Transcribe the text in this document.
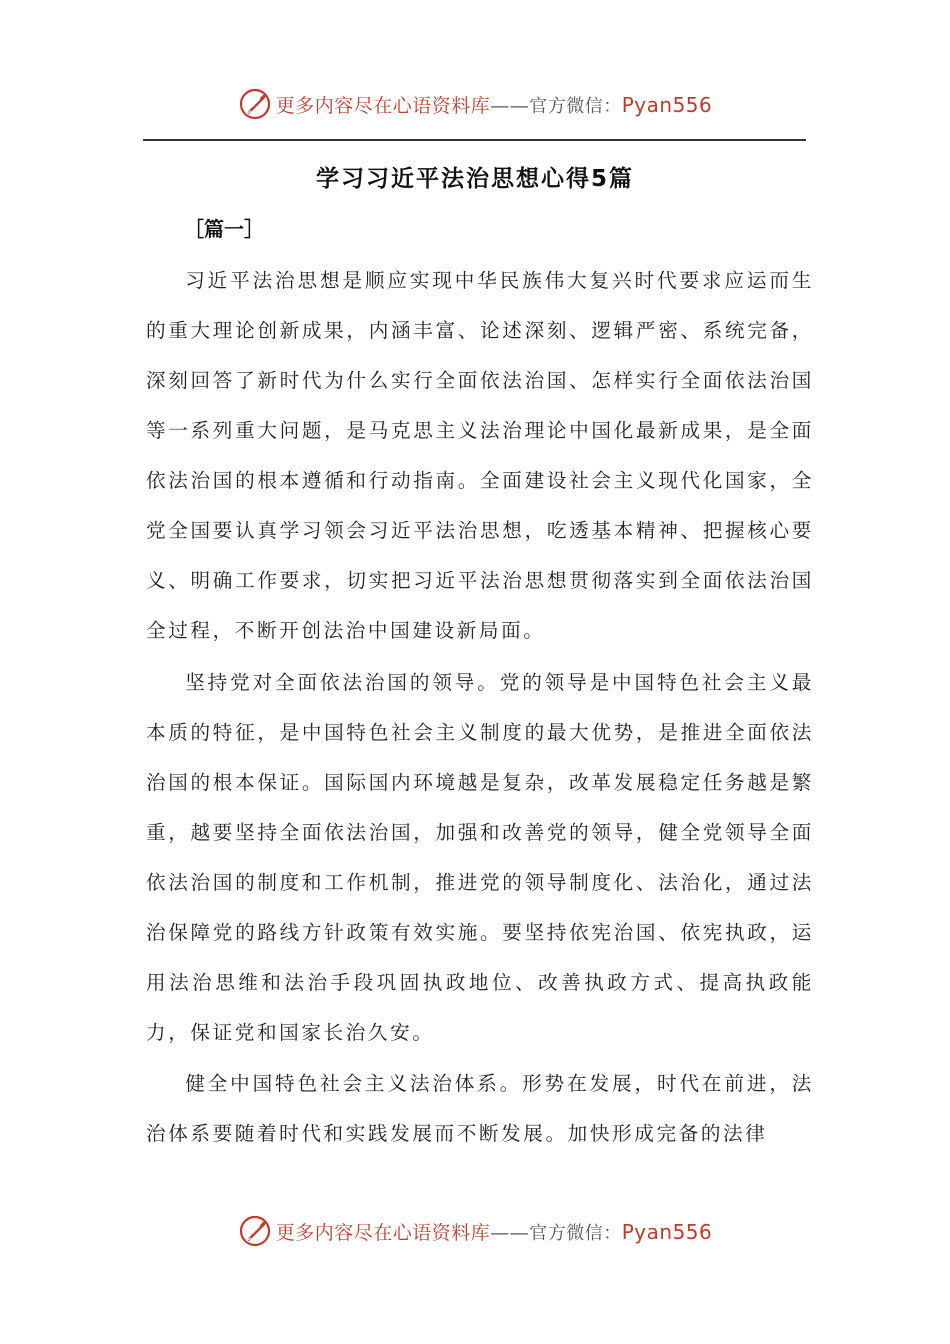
更多内容尽在心语资料库——官方微信：Pyan556
学习习近平法治思想心得5篇
［篇一］

习近平法治思想是顺应实现中华民族伟大复兴时代要求应运而生的重大理论创新成果，内涵丰富、论述深刻、逻辑严密、系统完备，深刻回答了新时代为什么实行全面依法治国、怎样实行全面依法治国等一系列重大问题，是马克思主义法治理论中国化最新成果，是全面依法治国的根本遵循和行动指南。全面建设社会主义现代化国家，全党全国要认真学习领会习近平法治思想，吃透基本精神、把握核心要义、明确工作要求，切实把习近平法治思想贯彻落实到全面依法治国全过程，不断开创法治中国建设新局面。

坚持党对全面依法治国的领导。党的领导是中国特色社会主义最本质的特征，是中国特色社会主义制度的最大优势，是推进全面依法治国的根本保证。国际国内环境越是复杂，改革发展稳定任务越是繁重，越要坚持全面依法治国，加强和改善党的领导，健全党领导全面依法治国的制度和工作机制，推进党的领导制度化、法治化，通过法治保障党的路线方针政策有效实施。要坚持依宪治国、依宪执政，运用法治思维和法治手段巩固执政地位、改善执政方式、提高执政能力，保证党和国家长治久安。

健全中国特色社会主义法治体系。形势在发展，时代在前进，法治体系要随着时代和实践发展而不断发展。加快形成完备的法律

更多内容尽在心语资料库——官方微信：Pyan556
